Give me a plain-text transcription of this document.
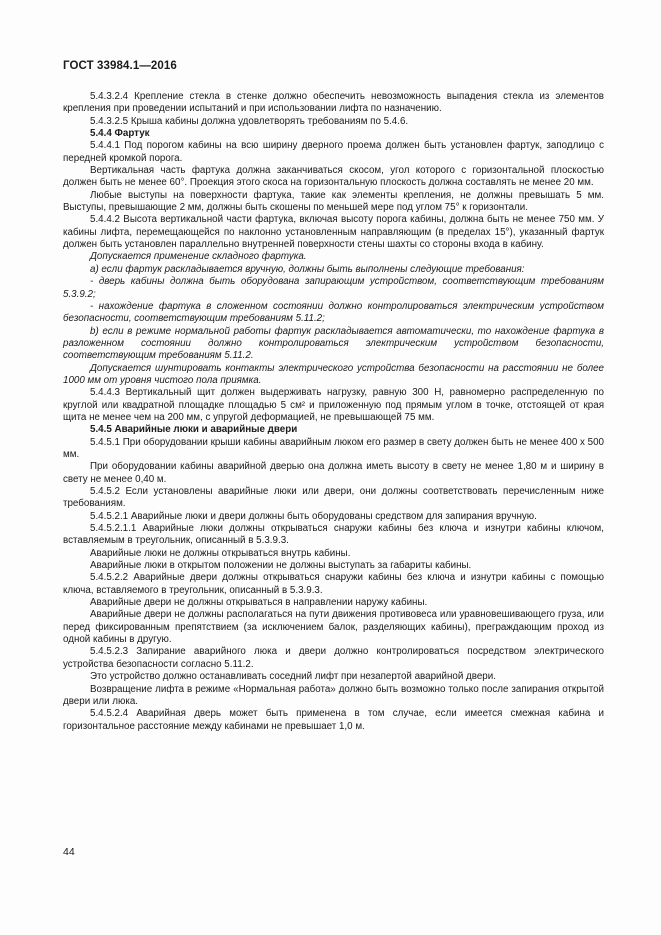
ГОСТ 33984.1—2016

5.4.3.2.4 Крепление стекла в стенке должно обеспечить невозможность выпадения стекла из элементов крепления при проведении испытаний и при использовании лифта по назначению.

5.4.3.2.5 Крыша кабины должна удовлетворять требованиям по 5.4.6.

5.4.4 Фартук

5.4.4.1 Под порогом кабины на всю ширину дверного проема должен быть установлен фартук, заподлицо с передней кромкой порога.

Вертикальная часть фартука должна заканчиваться скосом, угол которого с горизонтальной плоскостью должен быть не менее 60°. Проекция этого скоса на горизонтальную плоскость должна составлять не менее 20 мм.

Любые выступы на поверхности фартука, такие как элементы крепления, не должны превышать 5 мм. Выступы, превышающие 2 мм, должны быть скошены по меньшей мере под углом 75° к горизонтали.

5.4.4.2 Высота вертикальной части фартука, включая высоту порога кабины, должна быть не менее 750 мм. У кабины лифта, перемещающейся по наклонно установленным направляющим (в пределах 15°), указанный фартук должен быть установлен параллельно внутренней поверхности стены шахты со стороны входа в кабину.

Допускается применение складного фартука.

а) если фартук раскладывается вручную, должны быть выполнены следующие требования:

- дверь кабины должна быть оборудована запирающим устройством, соответствующим требованиям 5.3.9.2;

- нахождение фартука в сложенном состоянии должно контролироваться электрическим устройством безопасности, соответствующим требованиям 5.11.2;

b) если в режиме нормальной работы фартук раскладывается автоматически, то нахождение фартука в разложенном состоянии должно контролироваться электрическим устройством безопасности, соответствующим требованиям 5.11.2.

Допускается шунтировать контакты электрического устройства безопасности на расстоянии не более 1000 мм от уровня чистого пола приямка.

5.4.4.3 Вертикальный щит должен выдерживать нагрузку, равную 300 Н, равномерно распределенную по круглой или квадратной площадке площадью 5 см² и приложенную под прямым углом в точке, отстоящей от края щита не менее чем на 200 мм, с упругой деформацией, не превышающей 75 мм.

5.4.5 Аварийные люки и аварийные двери

5.4.5.1 При оборудовании крыши кабины аварийным люком его размер в свету должен быть не менее 400 х 500 мм.

При оборудовании кабины аварийной дверью она должна иметь высоту в свету не менее 1,80 м и ширину в свету не менее 0,40 м.

5.4.5.2 Если установлены аварийные люки или двери, они должны соответствовать перечисленным ниже требованиям.

5.4.5.2.1 Аварийные люки и двери должны быть оборудованы средством для запирания вручную.

5.4.5.2.1.1 Аварийные люки должны открываться снаружи кабины без ключа и изнутри кабины ключом, вставляемым в треугольник, описанный в 5.3.9.3.

Аварийные люки не должны открываться внутрь кабины.

Аварийные люки в открытом положении не должны выступать за габариты кабины.

5.4.5.2.2 Аварийные двери должны открываться снаружи кабины без ключа и изнутри кабины с помощью ключа, вставляемого в треугольник, описанный в 5.3.9.3.

Аварийные двери не должны открываться в направлении наружу кабины.

Аварийные двери не должны располагаться на пути движения противовеса или уравновешивающего груза, или перед фиксированным препятствием (за исключением балок, разделяющих кабины), преграждающим проход из одной кабины в другую.

5.4.5.2.3 Запирание аварийного люка и двери должно контролироваться посредством электрического устройства безопасности согласно 5.11.2.

Это устройство должно останавливать соседний лифт при незапертой аварийной двери.

Возвращение лифта в режиме «Нормальная работа» должно быть возможно только после запирания открытой двери или люка.

5.4.5.2.4 Аварийная дверь может быть применена в том случае, если имеется смежная кабина и горизонтальное расстояние между кабинами не превышает 1,0 м.

44
